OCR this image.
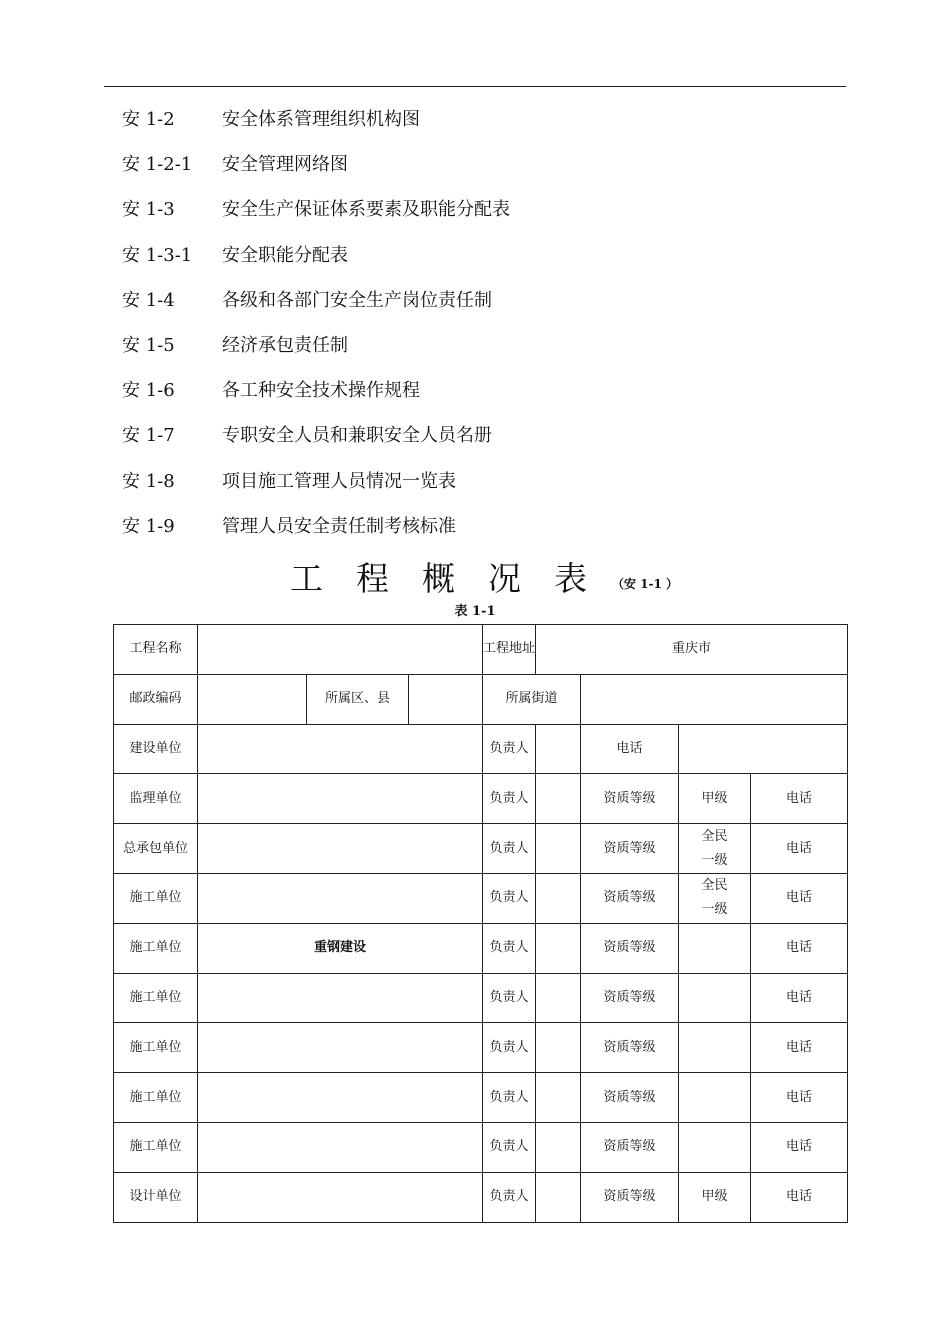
安 1-2	安全体系管理组织机构图
安 1-2-1	安全管理网络图
安 1-3	安全生产保证体系要素及职能分配表
安 1-3-1	安全职能分配表
安 1-4	各级和各部门安全生产岗位责任制
安 1-5	经济承包责任制
安 1-6	各工种安全技术操作规程
安 1-7	专职安全人员和兼职安全人员名册
安 1-8	项目施工管理人员情况一览表
安 1-9	管理人员安全责任制考核标准
工程概况表
（安 1-1 ）
表 1-1
工程名称				工程地址	重庆市				
邮政编码		所属区、县		所属街道					
建设单位				负责人		电话			
监理单位				负责人		资质等级	甲级	电话	
总承包单位				负责人		资质等级	全民一级	电话	
施工单位				负责人		资质等级	全民一级	电话	
施工单位	重钢建设			负责人		资质等级		电话	
施工单位				负责人		资质等级		电话	
施工单位				负责人		资质等级		电话	
施工单位				负责人		资质等级		电话	
施工单位				负责人		资质等级		电话	
设计单位				负责人		资质等级	甲级	电话	
